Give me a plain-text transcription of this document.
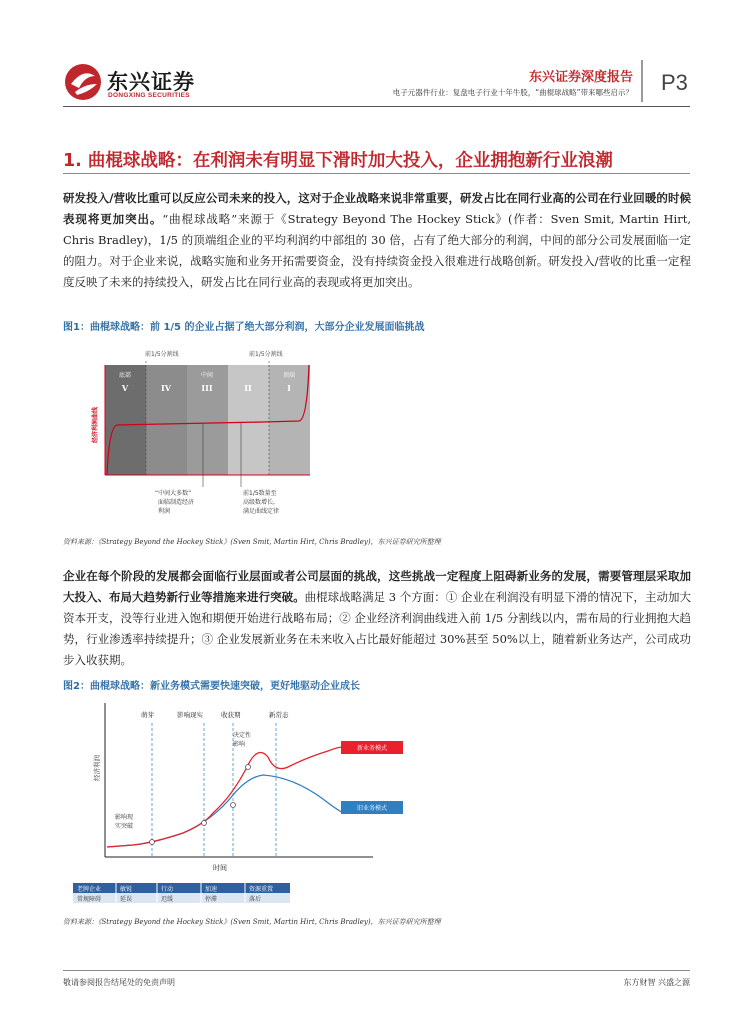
东兴证券
DONGXING SECURITIES
东兴证券深度报告
电子元器件行业：复盘电子行业十年牛股，“曲棍球战略”带来哪些启示？ P3
1. 曲棍球战略：在利润未有明显下滑时加大投入，企业拥抱新行业浪潮
研发投入/营收比重可以反应公司未来的投入，这对于企业战略来说非常重要，研发占比在同行业高的公司在行业回暖的时候表现将更加突出。“曲棍球战略”来源于《Strategy Beyond The Hockey Stick》(作者：Sven Smit, Martin Hirt, Chris Bradley)，1/5 的顶端组企业的平均利润约中部组的 30 倍，占有了绝大部分的利润，中间的部分公司发展面临一定的阻力。对于企业来说，战略实施和业务开拓需要资金，没有持续资金投入很难进行战略创新。研发投入/营收的比重一定程度反映了未来的持续投入，研发占比在同行业高的表现或将更加突出。
图1：曲棍球战略：前 1/5 的企业占据了绝大部分利润，大部分企业发展面临挑战
前1/5分割线	前1/5分割线
底部
V	IV
中间
III	II
顶端
I
经济利润曲线
“中间大多数”
面临制造经济
利润
前1/5数量至
高级数增长,
满足曲线定律
资料来源：《Strategy Beyond the Hockey Stick》(Sven Smit, Martin Hirt, Chris Bradley)，东兴证券研究所整理
企业在每个阶段的发展都会面临行业层面或者公司层面的挑战，这些挑战一定程度上阻碍新业务的发展，需要管理层采取加大投入、布局大趋势新行业等措施来进行突破。曲棍球战略满足 3 个方面：① 企业在利润没有明显下滑的情况下，主动加大资本开支，没等行业进入饱和期便开始进行战略布局；② 企业经济利润曲线进入前 1/5 分割线以内，需布局的行业拥抱大趋势，行业渗透率持续提升；③ 企业发展新业务在未来收入占比最好能超过 30%甚至 50%以上，随着新业务达产，公司成功步入收获期。
图2：曲棍球战略：新业务模式需要快速突破，更好地驱动企业成长
萌芽	影响现实	收获期	新常态
经济利润
时间
影响现
实突破
决定性
影响
新业务模式
旧业务模式
老牌企业	敏锐	行动	加速	资源重置
常规障碍	延误	迟缓	停滞	落后
资料来源：《Strategy Beyond the Hockey Stick》(Sven Smit, Martin Hirt, Chris Bradley)，东兴证券研究所整理
敬请参阅报告结尾处的免责声明	东方财智 兴盛之源
